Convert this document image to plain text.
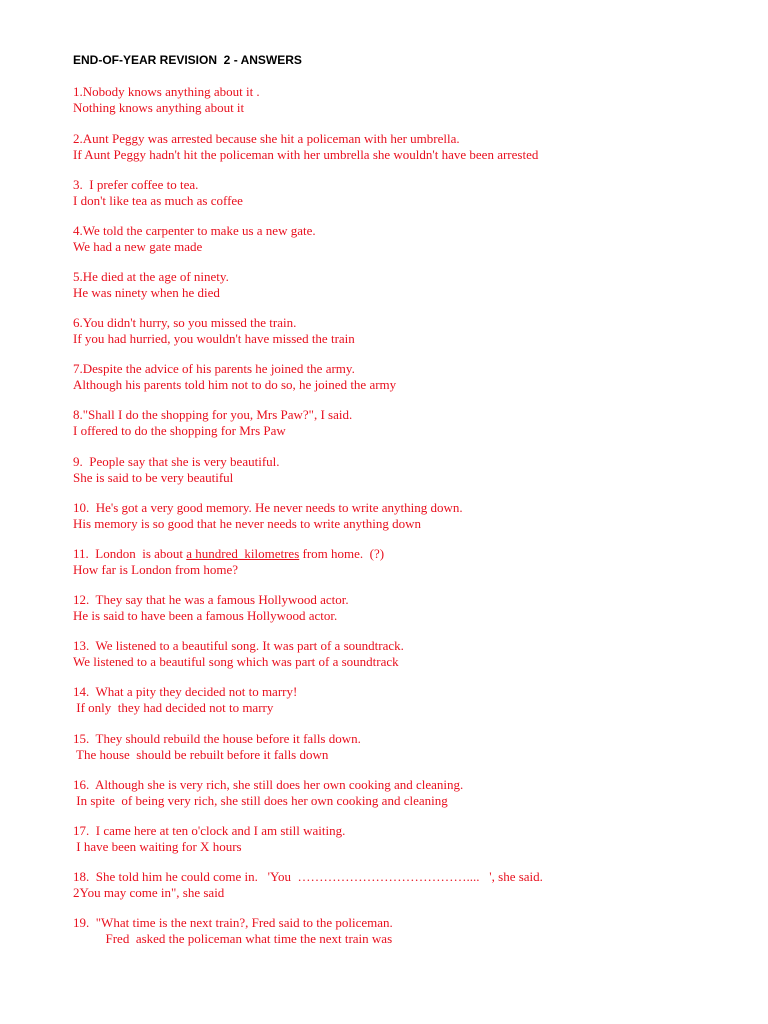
END-OF-YEAR REVISION  2 - ANSWERS
1.Nobody knows anything about it .
Nothing knows anything about it
2.Aunt Peggy was arrested because she hit a policeman with her umbrella.
If Aunt Peggy hadn't hit the policeman with her umbrella she wouldn't have been arrested
3.  I prefer coffee to tea.
I don't like tea as much as coffee
4.We told the carpenter to make us a new gate.
We had a new gate made
5.He died at the age of ninety.
He was ninety when he died
6.You didn't hurry, so you missed the train.
If you had hurried, you wouldn't have missed the train
7.Despite the advice of his parents he joined the army.
Although his parents told him not to do so, he joined the army
8."Shall I do the shopping for you, Mrs Paw?", I said.
I offered to do the shopping for Mrs Paw
9.  People say that she is very beautiful.
She is said to be very beautiful
10.  He's got a very good memory. He never needs to write anything down.
His memory is so good that he never needs to write anything down
11.  London  is about a hundred  kilometres from home.  (?)
How far is London from home?
12.  They say that he was a famous Hollywood actor.
He is said to have been a famous Hollywood actor.
13.  We listened to a beautiful song. It was part of a soundtrack.
We listened to a beautiful song which was part of a soundtrack
14.  What a pity they decided not to marry!
If only  they had decided not to marry
15.  They should rebuild the house before it falls down.
The house  should be rebuilt before it falls down
16.  Although she is very rich, she still does her own cooking and cleaning.
In spite  of being very rich, she still does her own cooking and cleaning
17.  I came here at ten o'clock and I am still waiting.
I have been waiting for X hours
18.  She told him he could come in.   'You  …………………………………....   ', she said.
2You may come in", she said
19.  "What time is the next train?, Fred said to the policeman.
Fred  asked the policeman what time the next train was
